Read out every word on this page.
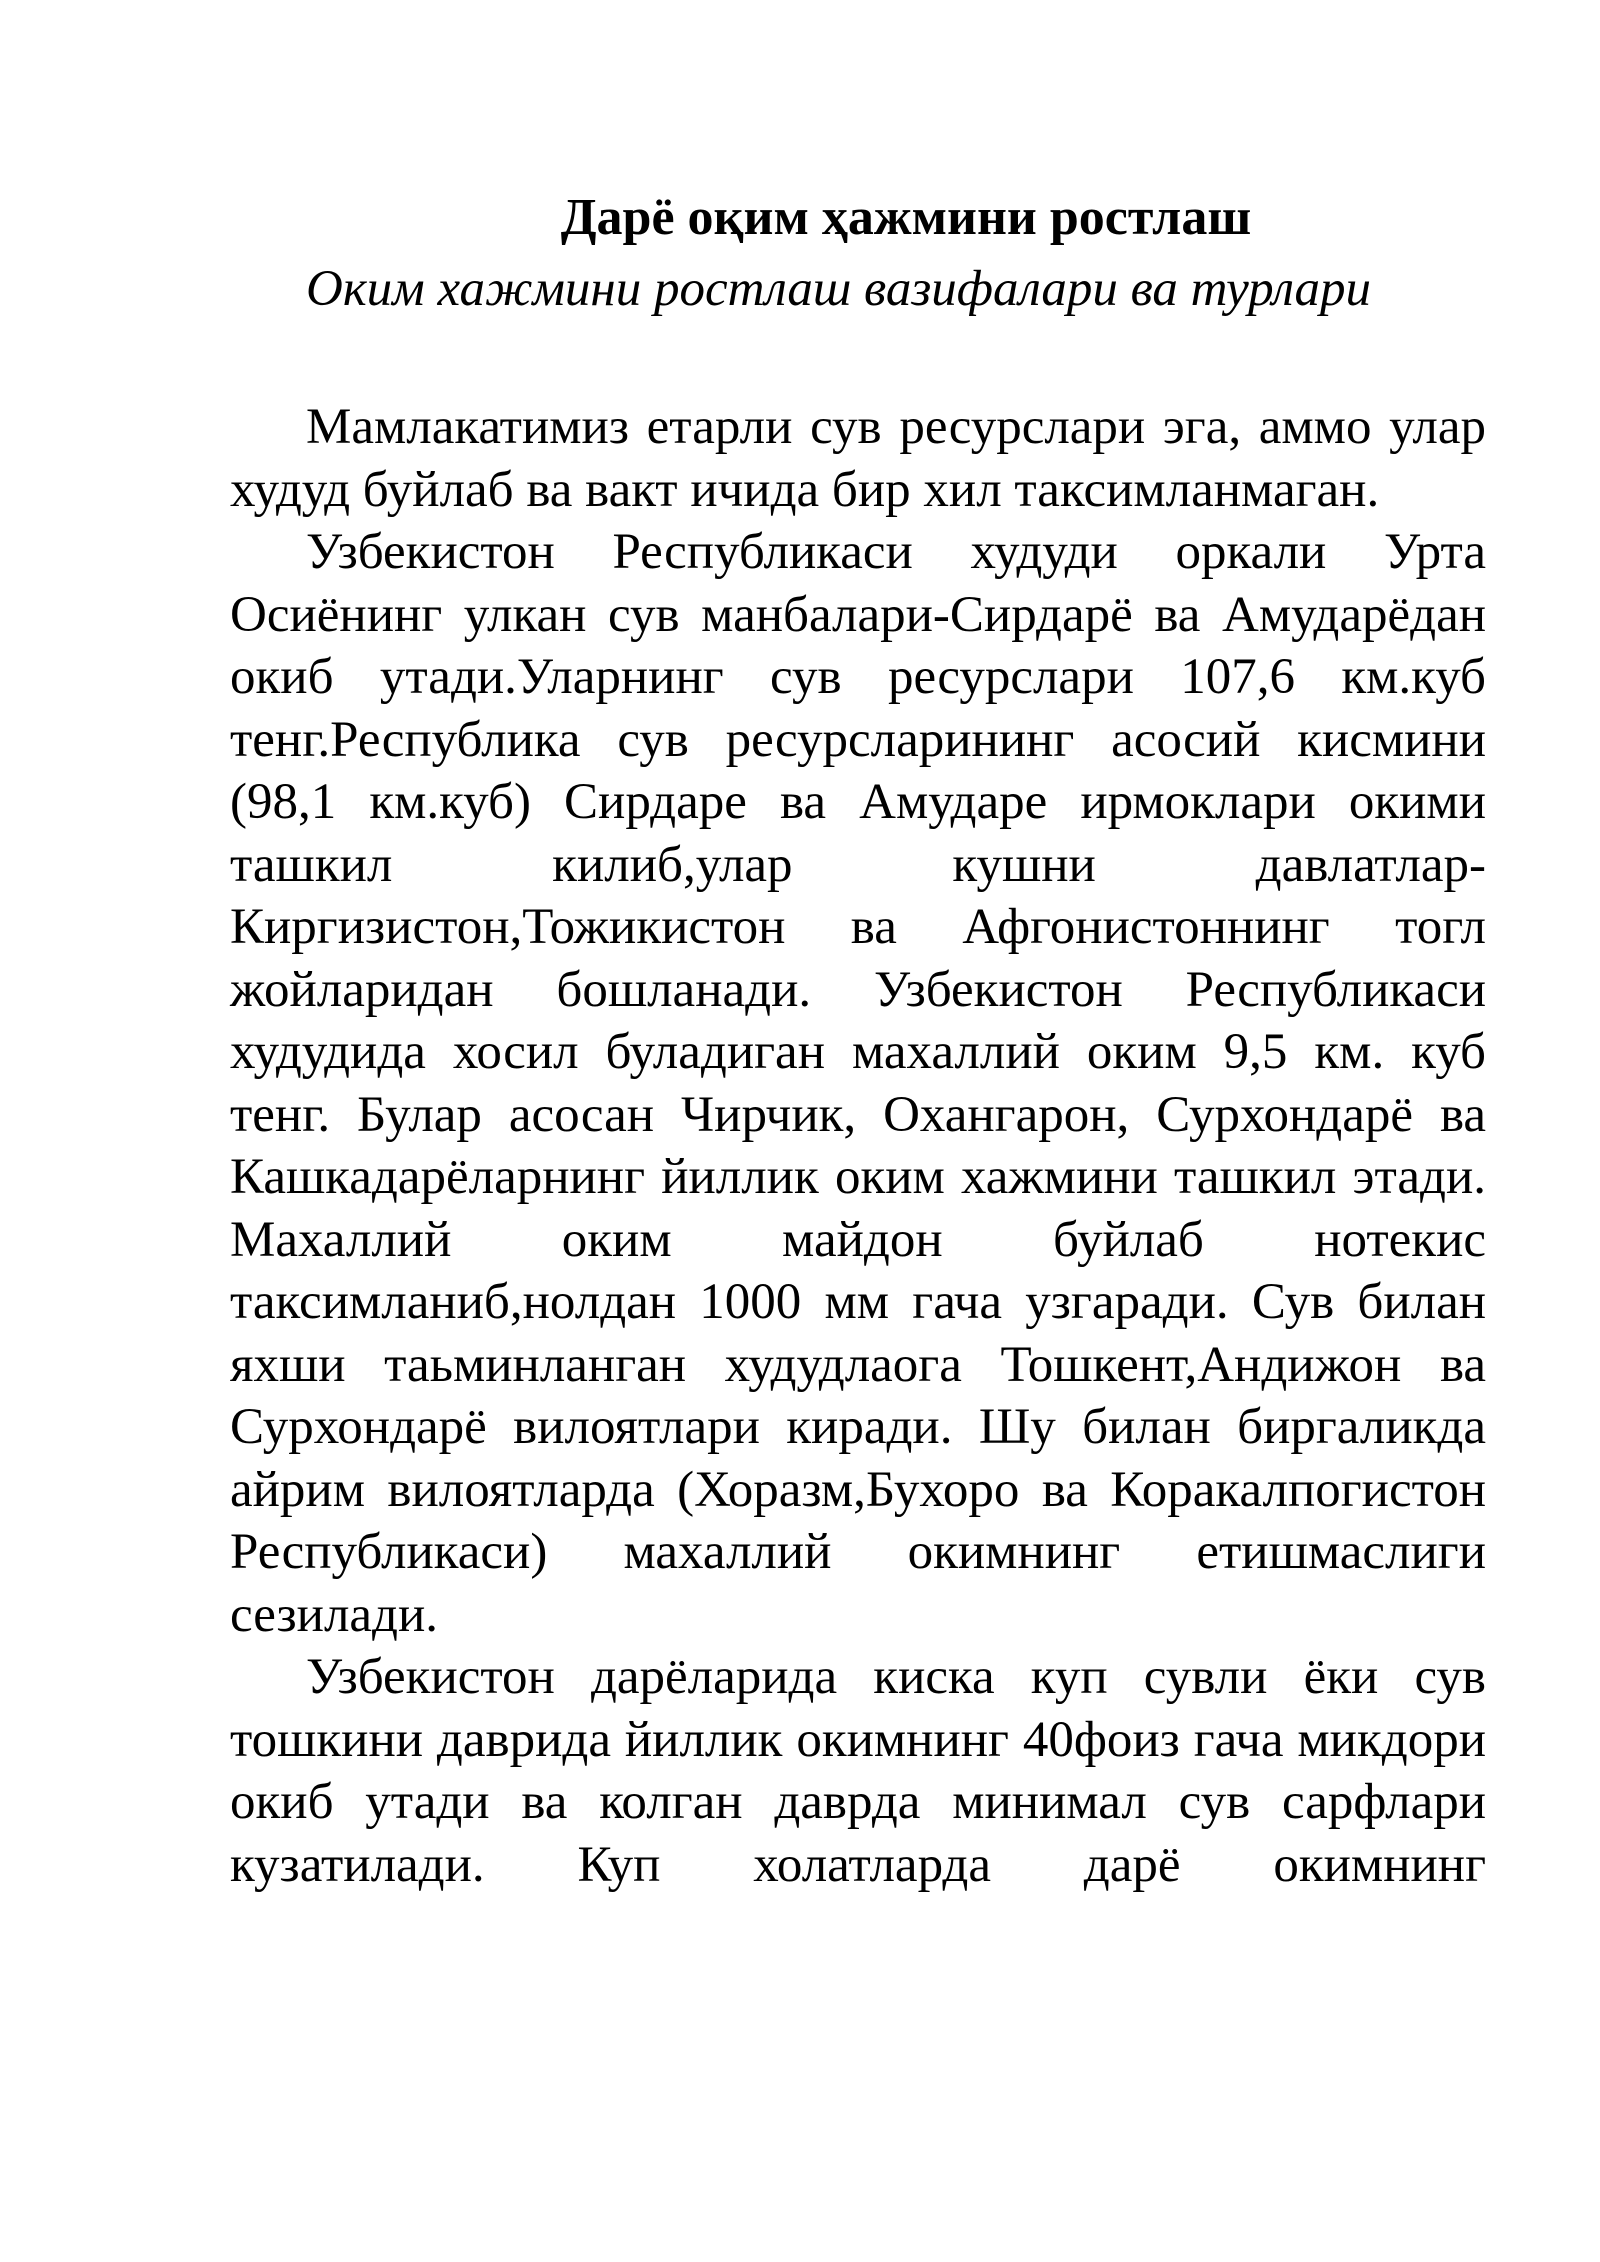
Дарё оқим ҳажмини ростлаш

Оким хажмини ростлаш вазифалари ва турлари

Мамлакатимиз етарли сув ресурслари эга, аммо улар худуд буйлаб ва вакт ичида бир хил таксимланмаган.

Узбекистон Республикаси худуди оркали Урта Осиёнинг улкан сув манбалари-Сирдарё ва Амударёдан окиб утади.Уларнинг сув ресурслари 107,6 км.куб тенг.Республика сув ресурсларининг асосий кисмини (98,1 км.куб) Сирдаре ва Амударе ирмоклари окими ташкил килиб,улар кушни давлатлар-Киргизистон,Тожикистон ва Афгонистоннинг тогл жойларидан бошланади. Узбекистон Республикаси худудида хосил буладиган махаллий оким 9,5 км. куб тенг. Булар асосан Чирчик, Охангарон, Сурхондарё ва Кашкадарёларнинг йиллик оким хажмини ташкил этади. Махаллий оким майдон буйлаб нотекис таксимланиб,нолдан 1000 мм гача узгаради. Сув билан яхши таьминланган худудлаога Тошкент,Андижон ва Сурхондарё вилоятлари киради. Шу билан биргаликда айрим вилоятларда (Хоразм,Бухоро ва Коракалпогистон Республикаси) махаллий окимнинг етишмаслиги сезилади.

Узбекистон дарёларида киска куп сувли ёки сув тошкини даврида йиллик окимнинг 40фоиз гача микдори окиб утади ва колган даврда минимал сув сарфлари кузатилади. Куп холатларда дарё окимнинг
